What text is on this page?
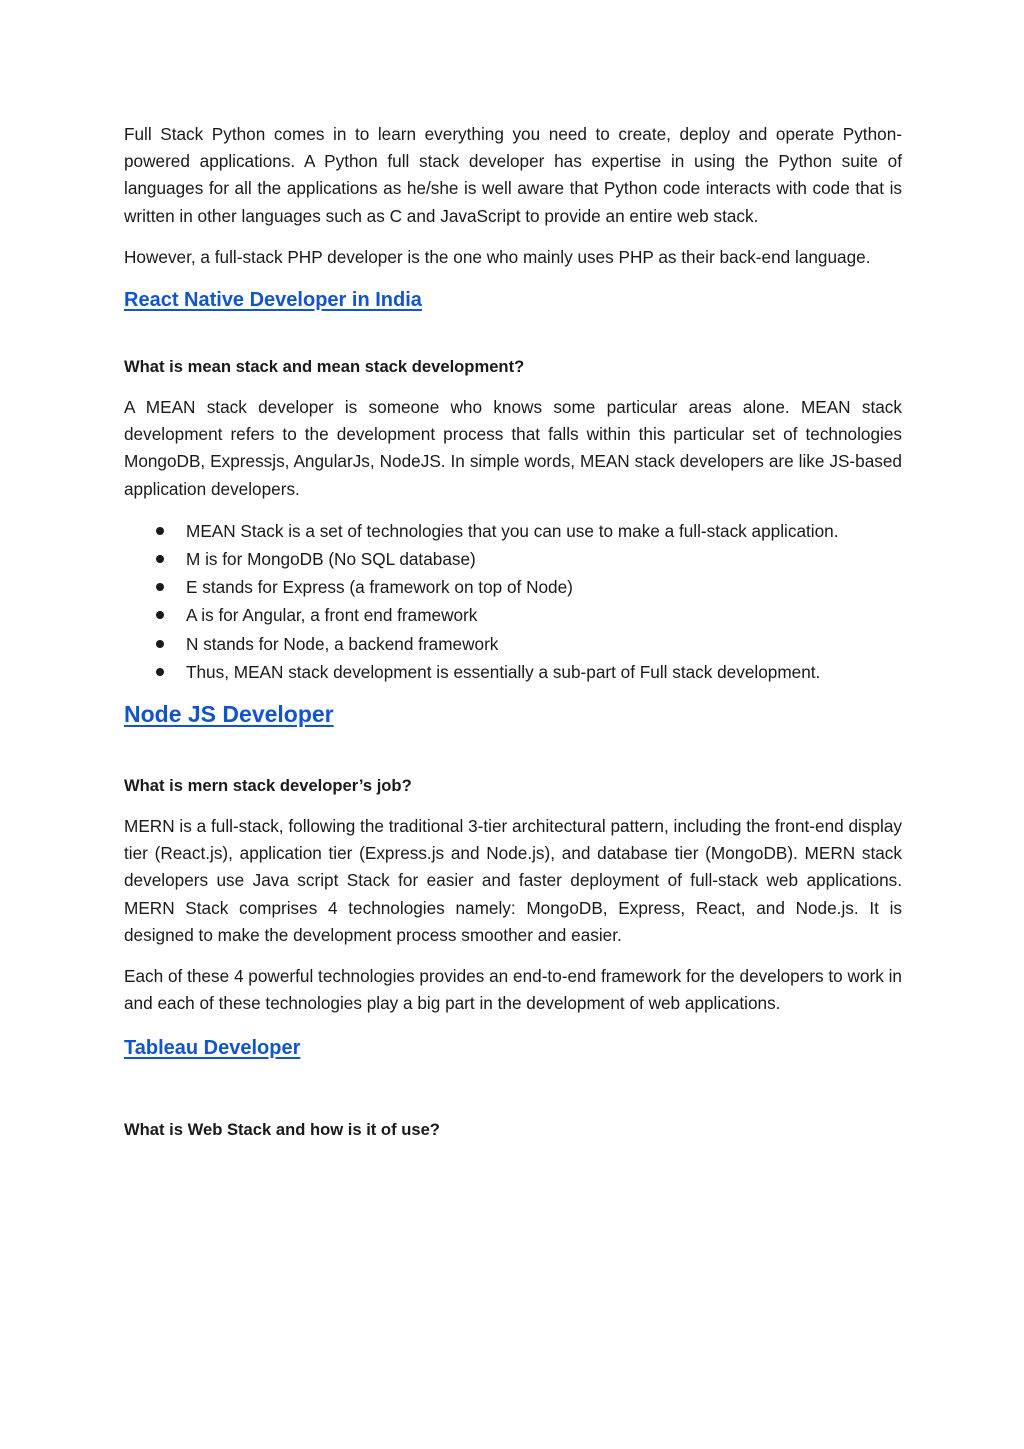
Full Stack Python comes in to learn everything you need to create, deploy and operate Python-powered applications. A Python full stack developer has expertise in using the Python suite of languages for all the applications as he/she is well aware that Python code interacts with code that is written in other languages such as C and JavaScript to provide an entire web stack.

However, a full-stack PHP developer is the one who mainly uses PHP as their back-end language.

React Native Developer in India

What is mean stack and mean stack development?

A MEAN stack developer is someone who knows some particular areas alone. MEAN stack development refers to the development process that falls within this particular set of technologies MongoDB, Expressjs, AngularJs, NodeJS. In simple words, MEAN stack developers are like JS-based application developers.

MEAN Stack is a set of technologies that you can use to make a full-stack application.
M is for MongoDB (No SQL database)
E stands for Express (a framework on top of Node)
A is for Angular, a front end framework
N stands for Node, a backend framework
Thus, MEAN stack development is essentially a sub-part of Full stack development.
Node JS Developer

What is mern stack developer’s job?

MERN is a full-stack, following the traditional 3-tier architectural pattern, including the front-end display tier (React.js), application tier (Express.js and Node.js), and database tier (MongoDB). MERN stack developers use Java script Stack for easier and faster deployment of full-stack web applications. MERN Stack comprises 4 technologies namely: MongoDB, Express, React, and Node.js. It is designed to make the development process smoother and easier.

Each of these 4 powerful technologies provides an end-to-end framework for the developers to work in and each of these technologies play a big part in the development of web applications.

Tableau Developer

What is Web Stack and how is it of use?
